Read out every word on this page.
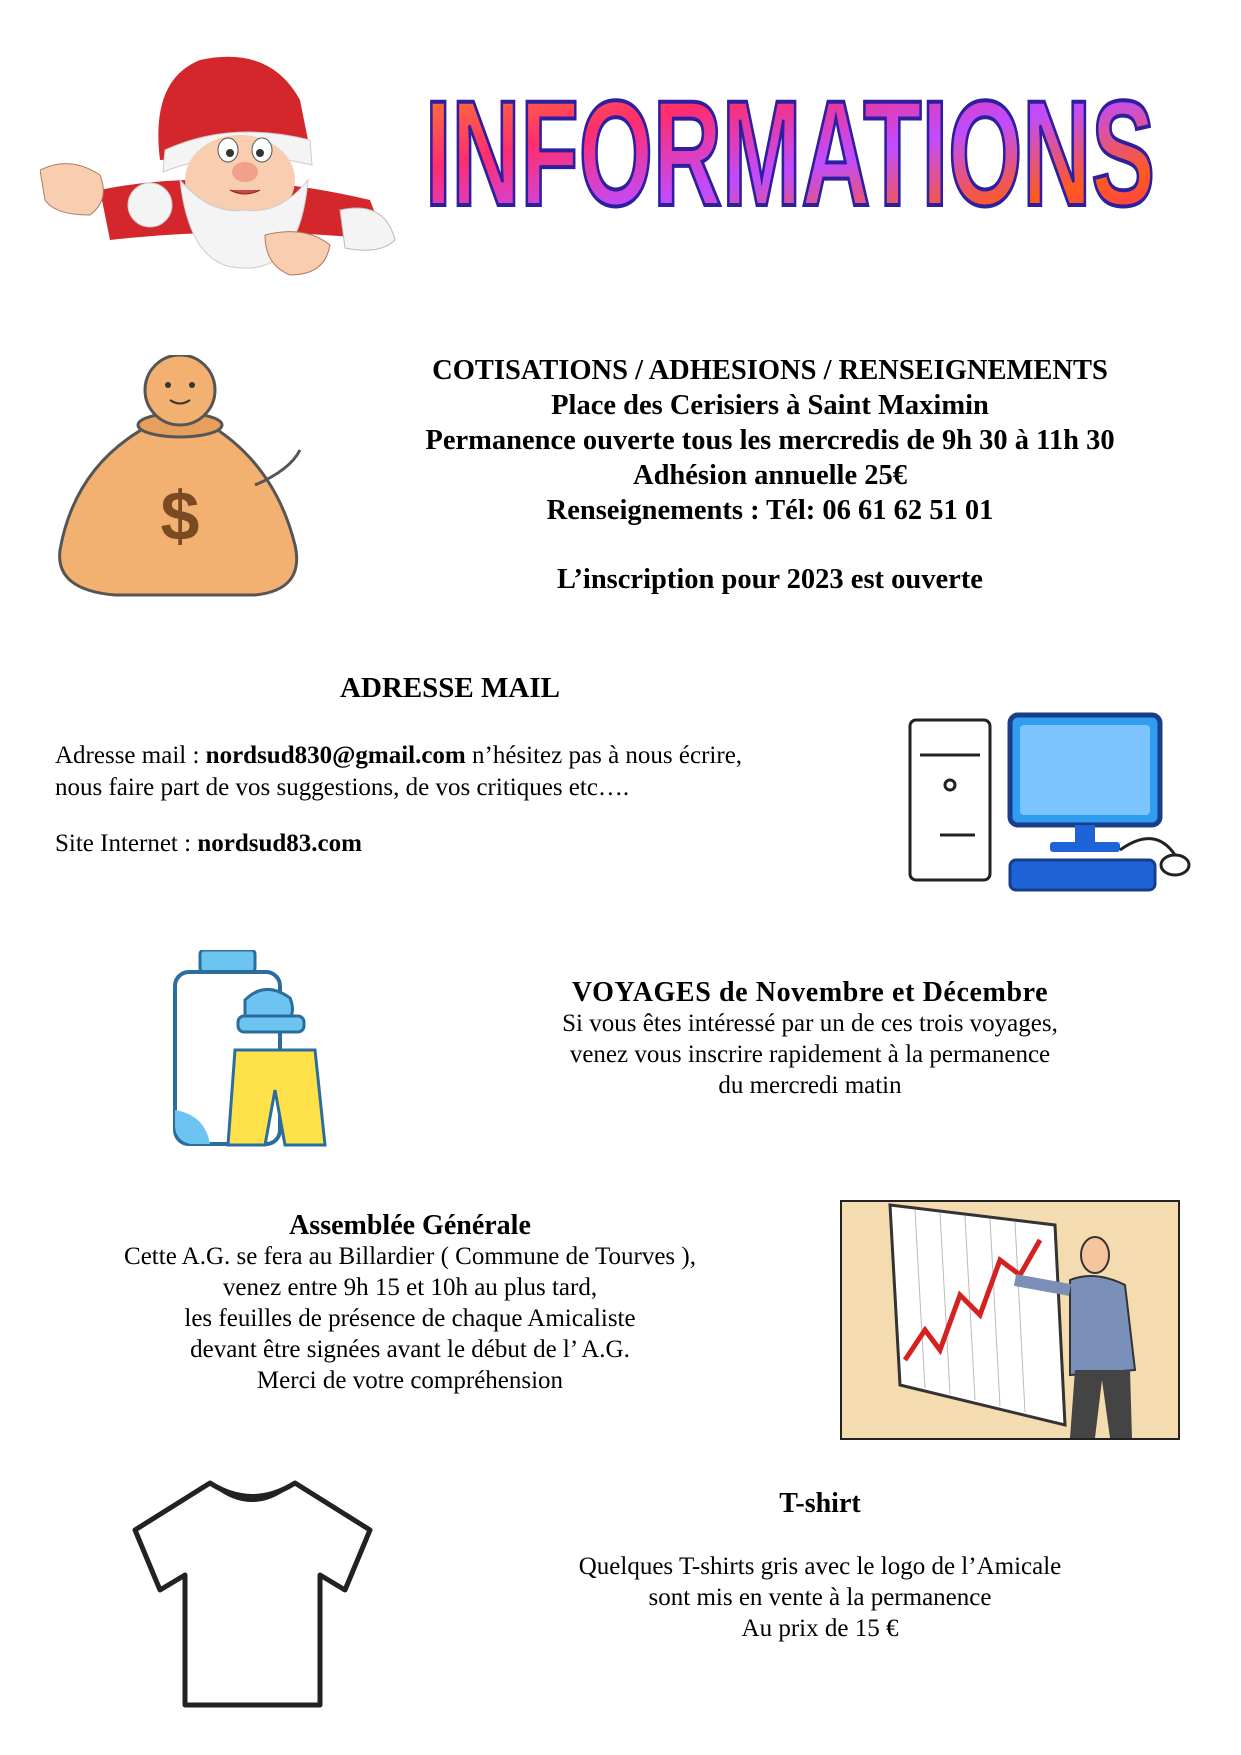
INFORMATIONS
$
COTISATIONS / ADHESIONS / RENSEIGNEMENTS
Place des Cerisiers à Saint Maximin
Permanence ouverte tous les mercredis de 9h 30 à 11h 30
Adhésion annuelle 25€
Renseignements : Tél: 06 61 62 51 01
L’inscription pour 2023 est ouverte
ADRESSE MAIL
Adresse mail : nordsud830@gmail.com n’hésitez pas à nous écrire,
nous faire part de vos suggestions, de vos critiques etc….
Site Internet : nordsud83.com
VOYAGES de Novembre et Décembre
Si vous êtes intéressé par un de ces trois voyages,
venez vous inscrire rapidement à la permanence
du mercredi matin
Assemblée Générale
Cette A.G. se fera au Billardier ( Commune de Tourves ),
venez entre 9h 15 et 10h au plus tard,
les feuilles de présence de chaque Amicaliste
devant être signées avant le début de l’ A.G.
Merci de votre compréhension
T-shirt
Quelques T-shirts gris avec le logo de l’Amicale
sont mis en vente à la permanence
Au prix de 15 €
